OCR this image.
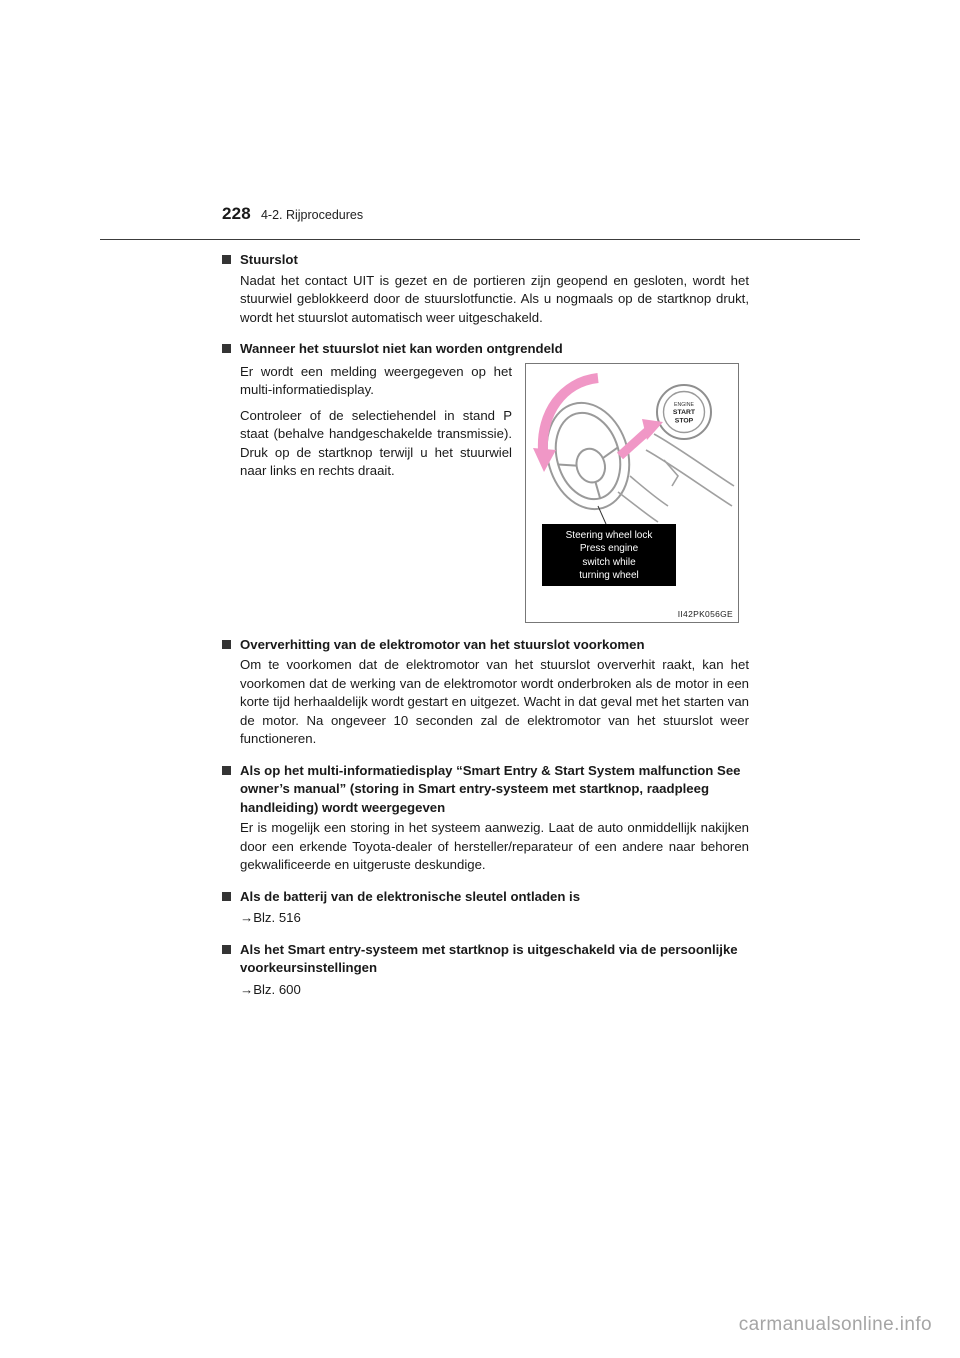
228 4-2. Rijprocedures
Stuurslot
Nadat het contact UIT is gezet en de portieren zijn geopend en gesloten, wordt het stuurwiel geblokkeerd door de stuurslotfunctie. Als u nogmaals op de startknop drukt, wordt het stuurslot automatisch weer uitgeschakeld.
Wanneer het stuurslot niet kan worden ontgrendeld

Er wordt een melding weergegeven op het multi-informatiedisplay.

Controleer of de selectiehendel in stand P staat (behalve handgeschakelde transmissie). Druk op de startknop terwijl u het stuurwiel naar links en rechts draait.

ENGINE
START
STOP
Steering wheel lock
Press engine
switch while
turning wheel
II42PK056GE
Oververhitting van de elektromotor van het stuurslot voorkomen
Om te voorkomen dat de elektromotor van het stuurslot oververhit raakt, kan het voorkomen dat de werking van de elektromotor wordt onderbroken als de motor in een korte tijd herhaaldelijk wordt gestart en uitgezet. Wacht in dat geval met het starten van de motor. Na ongeveer 10 seconden zal de elektromotor van het stuurslot weer functioneren.
Als op het multi-informatiedisplay “Smart Entry & Start System malfunction See owner’s manual” (storing in Smart entry-systeem met startknop, raadpleeg handleiding) wordt weergegeven
Er is mogelijk een storing in het systeem aanwezig. Laat de auto onmiddellijk nakijken door een erkende Toyota-dealer of hersteller/reparateur of een andere naar behoren gekwalificeerde en uitgeruste deskundige.
Als de batterij van de elektronische sleutel ontladen is
→Blz. 516
Als het Smart entry-systeem met startknop is uitgeschakeld via de persoonlijke voorkeursinstellingen
→Blz. 600
carmanualsonline.info
